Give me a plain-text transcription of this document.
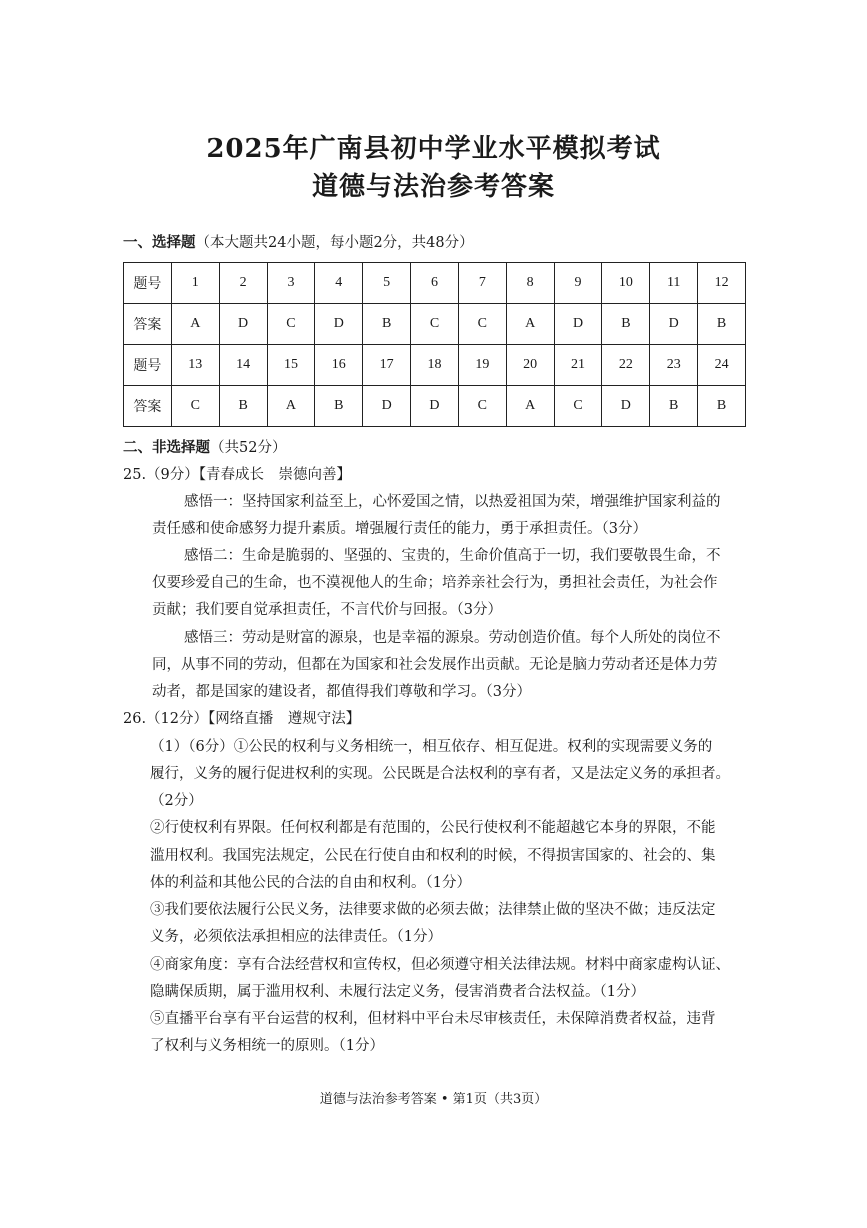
2025年广南县初中学业水平模拟考试
道德与法治参考答案
一、选择题（本大题共24小题，每小题2分，共48分）
题号	1	2	3	4	5	6	7	8	9	10	11	12
答案	A	D	C	D	B	C	C	A	D	B	D	B
题号	13	14	15	16	17	18	19	20	21	22	23	24
答案	C	B	A	B	D	D	C	A	C	D	B	B
二、非选择题（共52分）
25.（9分）【青春成长　崇德向善】
感悟一：坚持国家利益至上，心怀爱国之情，以热爱祖国为荣，增强维护国家利益的
责任感和使命感努力提升素质。增强履行责任的能力，勇于承担责任。（3分）
感悟二：生命是脆弱的、坚强的、宝贵的，生命价值高于一切，我们要敬畏生命，不
仅要珍爱自己的生命，也不漠视他人的生命；培养亲社会行为，勇担社会责任，为社会作
贡献；我们要自觉承担责任，不言代价与回报。（3分）
感悟三：劳动是财富的源泉，也是幸福的源泉。劳动创造价值。每个人所处的岗位不
同，从事不同的劳动，但都在为国家和社会发展作出贡献。无论是脑力劳动者还是体力劳
动者，都是国家的建设者，都值得我们尊敬和学习。（3分）
26.（12分）【网络直播　遵规守法】
（1）（6分）①公民的权利与义务相统一，相互依存、相互促进。权利的实现需要义务的
履行，义务的履行促进权利的实现。公民既是合法权利的享有者，又是法定义务的承担者。
（2分）
②行使权利有界限。任何权利都是有范围的，公民行使权利不能超越它本身的界限，不能
滥用权利。我国宪法规定，公民在行使自由和权利的时候，不得损害国家的、社会的、集
体的利益和其他公民的合法的自由和权利。（1分）
③我们要依法履行公民义务，法律要求做的必须去做；法律禁止做的坚决不做；违反法定
义务，必须依法承担相应的法律责任。（1分）
④商家角度：享有合法经营权和宣传权，但必须遵守相关法律法规。材料中商家虚构认证、
隐瞒保质期，属于滥用权利、未履行法定义务，侵害消费者合法权益。（1分）
⑤直播平台享有平台运营的权利，但材料中平台未尽审核责任，未保障消费者权益，违背
了权利与义务相统一的原则。（1分）
道德与法治参考答案 • 第1页（共3页）
